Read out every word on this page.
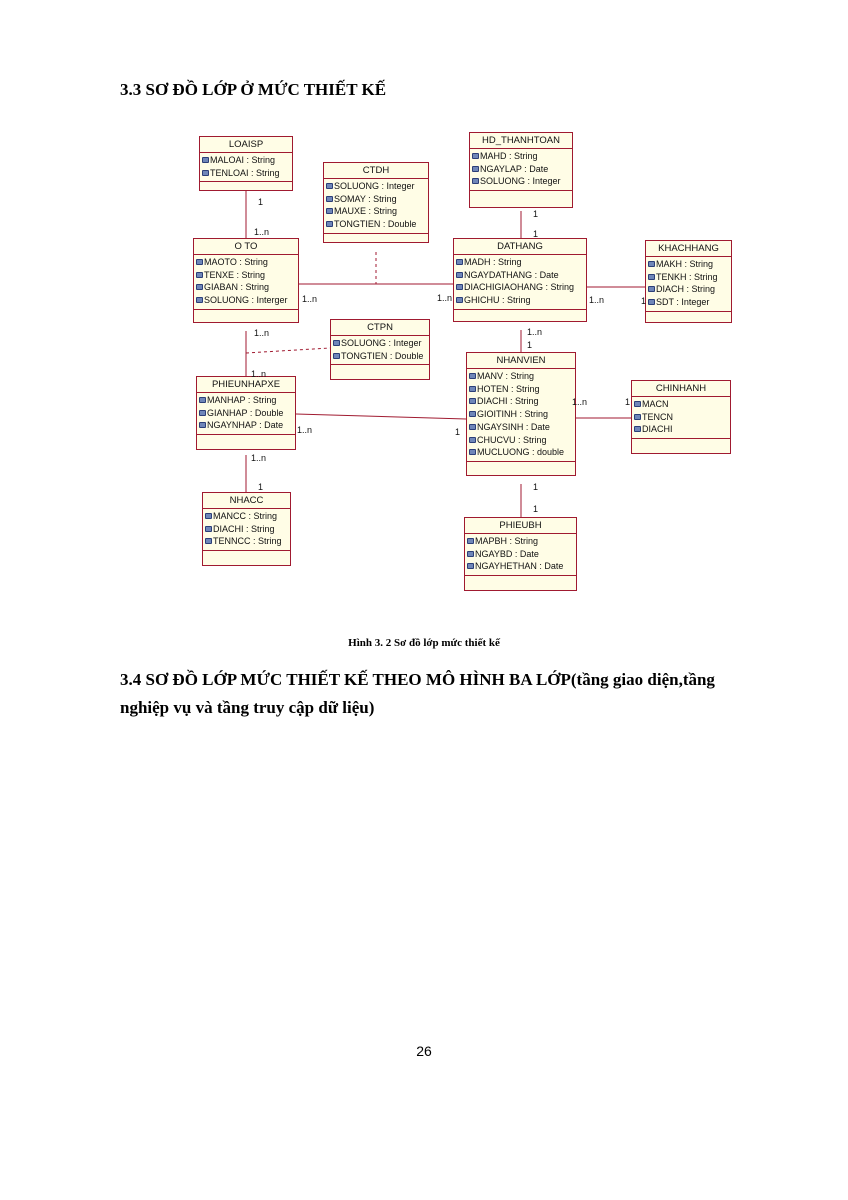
3.3 SƠ ĐỒ LỚP Ở MỨC THIẾT KẾ
LOAISP
MALOAI : String
TENLOAI : String	CTDH
SOLUONG : Integer
SOMAY : String
MAUXE : String
TONGTIEN : Double
HD_THANHTOAN
MAHD : String
NGAYLAP : Date
SOLUONG : Integer
O TO
MAOTO : String
TENXE : String
GIABAN : String
SOLUONG : Interger
DATHANG
MADH : String
NGAYDATHANG : Date
DIACHIGIAOHANG : String
GHICHU : String
KHACHHANG
MAKH : String
TENKH : String
DIACH : String
SDT : Integer
CTPN
SOLUONG : Integer
TONGTIEN : Double
PHIEUNHAPXE
MANHAP : String
GIANHAP : Double
NGAYNHAP : Date
NHANVIEN
MANV : String
HOTEN : String
DIACHI : String
GIOITINH : String
NGAYSINH : Date
CHUCVU : String
MUCLUONG : double
CHINHANH
MACN
TENCN
DIACHI
NHACC
MANCC : String
DIACHI : String
TENNCC : String
PHIEUBH
MAPBH : String
NGAYBD : Date
NGAYHETHAN : Date
1
1..n
1..n	1..n
1
1
1..n	1
1..n
1
1..n
1..n
1..n	1
1..n	1
1..n
1	1
1
Hình 3. 2 Sơ đồ lớp mức thiết kế
3.4 SƠ ĐỒ LỚP MỨC THIẾT KẾ THEO MÔ HÌNH BA LỚP(tầng giao diện,tầng nghiệp vụ và tầng truy cập dữ liệu)
26
